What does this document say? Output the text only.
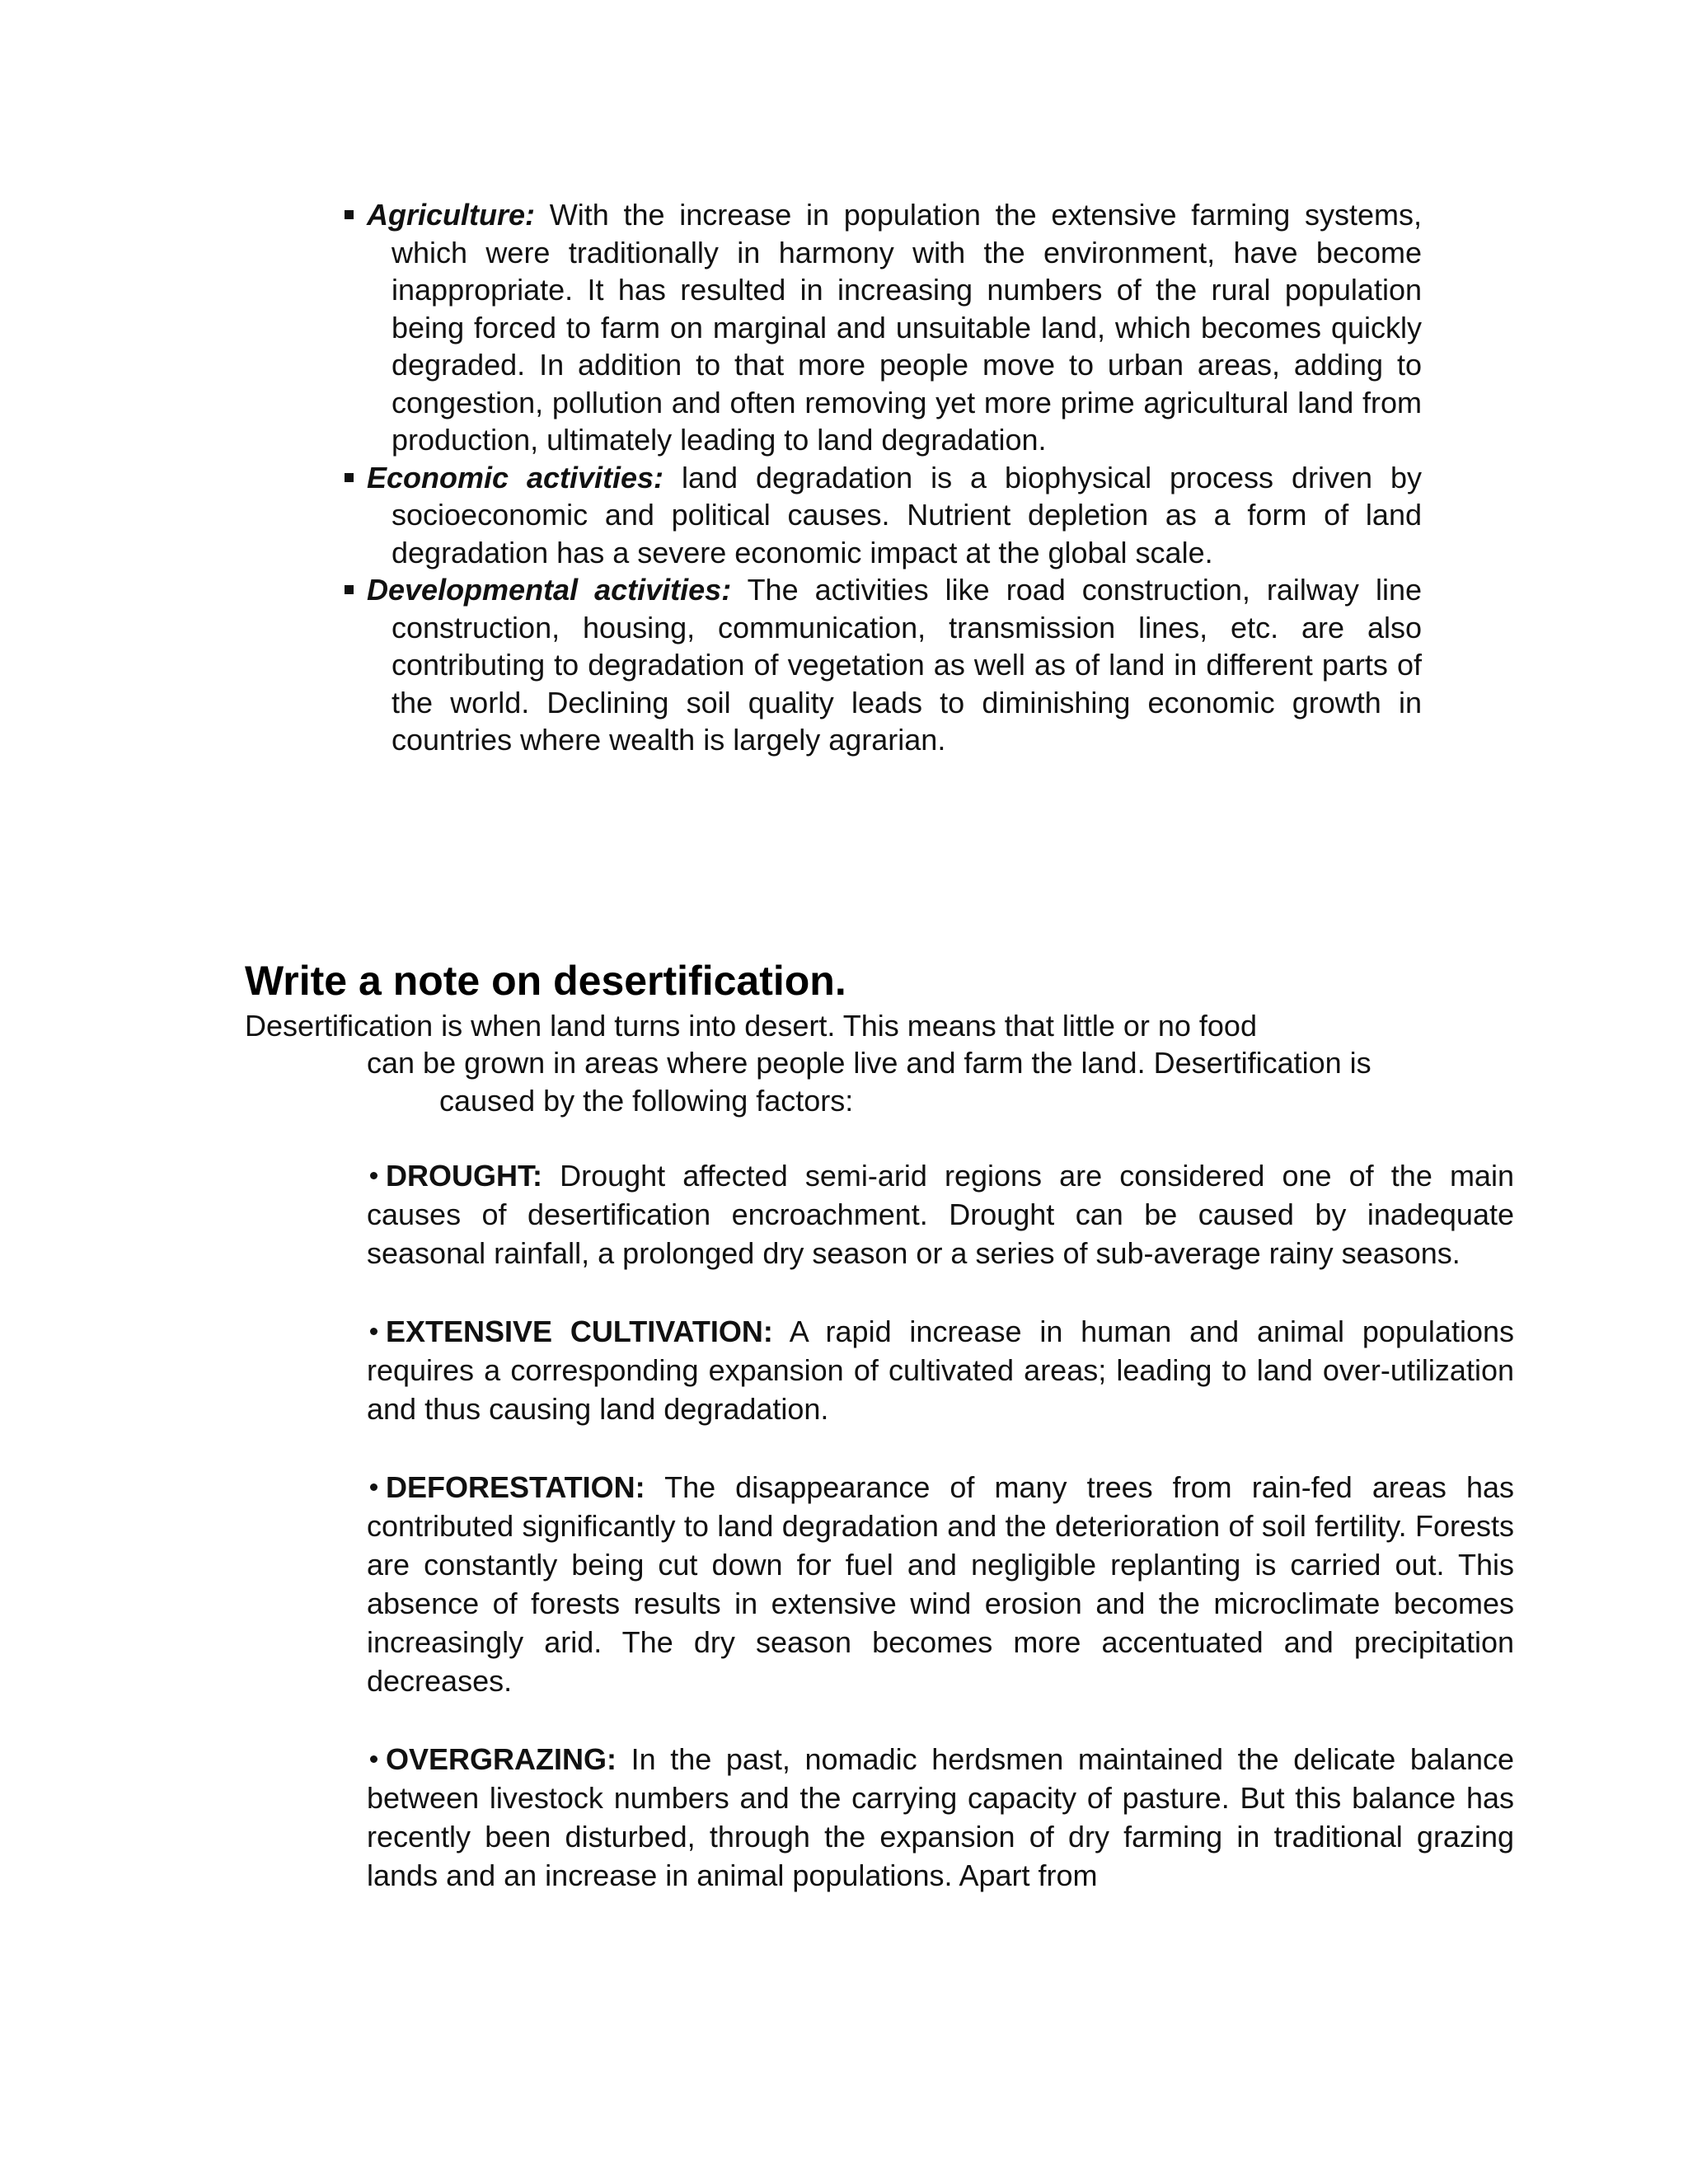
Agriculture: With the increase in population the extensive farming systems, which were traditionally in harmony with the environment, have become inappropriate. It has resulted in increasing numbers of the rural population being forced to farm on marginal and unsuitable land, which becomes quickly degraded. In addition to that more people move to urban areas, adding to congestion, pollution and often removing yet more prime agricultural land from production, ultimately leading to land degradation.
Economic activities: land degradation is a biophysical process driven by socioeconomic and political causes. Nutrient depletion as a form of land degradation has a severe economic impact at the global scale.
Developmental activities: The activities like road construction, railway line construction, housing, communication, transmission lines, etc. are also contributing to degradation of vegetation as well as of land in different parts of the world. Declining soil quality leads to diminishing economic growth in countries where wealth is largely agrarian.
Write a note on desertification.

Desertification is when land turns into desert. This means that little or no food

can be grown in areas where people live and farm the land. Desertification is

caused by the following factors:

DROUGHT: Drought affected semi-arid regions are considered one of the main causes of desertification encroachment. Drought can be caused by inadequate seasonal rainfall, a prolonged dry season or a series of sub-average rainy seasons.

EXTENSIVE CULTIVATION: A rapid increase in human and animal populations requires a corresponding expansion of cultivated areas; leading to land over-utilization and thus causing land degradation.

DEFORESTATION: The disappearance of many trees from rain-fed areas has contributed significantly to land degradation and the deterioration of soil fertility. Forests are constantly being cut down for fuel and negligible replanting is carried out. This absence of forests results in extensive wind erosion and the microclimate becomes increasingly arid. The dry season becomes more accentuated and precipitation decreases.

OVERGRAZING: In the past, nomadic herdsmen maintained the delicate balance between livestock numbers and the carrying capacity of pasture. But this balance has recently been disturbed, through the expansion of dry farming in traditional grazing lands and an increase in animal populations. Apart from
